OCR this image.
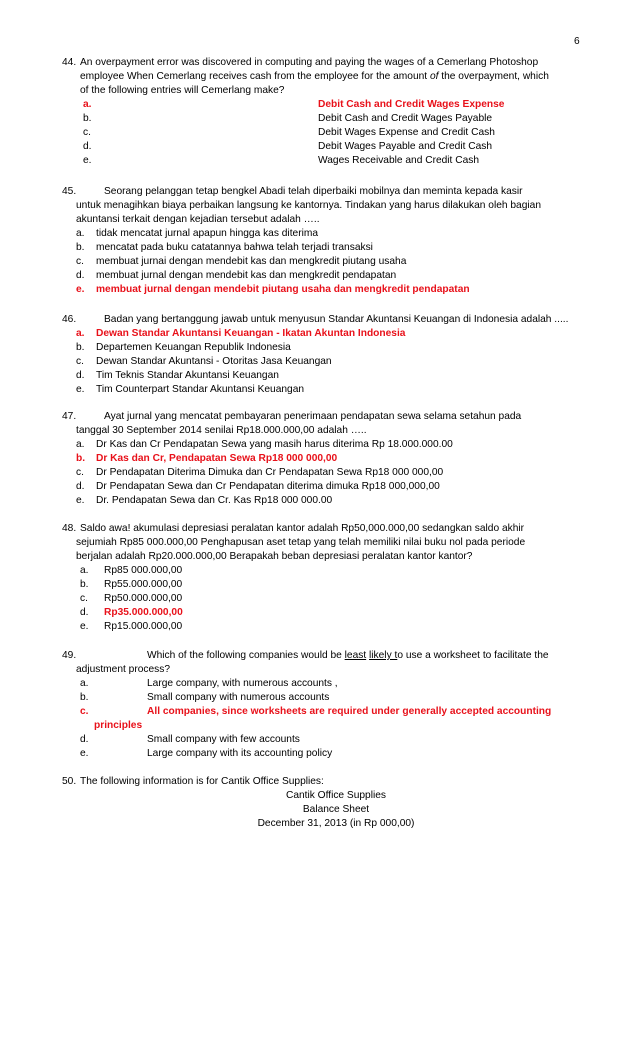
6
44. An overpayment error was discovered in computing and paying the wages of a Cemerlang Photoshop
employee When Cemerlang receives cash from the employee for the amount of the overpayment, which
of the following entries will Cemerlang make?
a.	Debit Cash and Credit Wages Expense
b.	Debit Cash and Credit Wages Payable
c.	Debit Wages Expense and Credit Cash
d.	Debit Wages Payable and Credit Cash
e.	Wages Receivable and Credit Cash
45.	Seorang pelanggan tetap bengkel Abadi telah diperbaiki mobilnya dan meminta kepada kasir
untuk menagihkan biaya perbaikan langsung ke kantornya. Tindakan yang harus dilakukan oleh bagian
akuntansi terkait dengan kejadian tersebut adalah …..
a. tidak mencatat jurnal apapun hingga kas diterima
b. mencatat pada buku catatannya bahwa telah terjadi transaksi
c. membuat jurnai dengan mendebit kas dan mengkredit piutang usaha
d. membuat jurnal dengan mendebit kas dan mengkredit pendapatan
e. membuat jurnal dengan mendebit piutang usaha dan mengkredit pendapatan
46.	Badan yang bertanggung jawab untuk menyusun Standar Akuntansi Keuangan di Indonesia adalah .....
a. Dewan Standar Akuntansi Keuangan - Ikatan Akuntan Indonesia
b. Departemen Keuangan Republik Indonesia
c. Dewan Standar Akuntansi - Otoritas Jasa Keuangan
d. Tim Teknis Standar Akuntansi Keuangan
e. Tim Counterpart Standar Akuntansi Keuangan
47.	Ayat jurnal yang mencatat pembayaran penerimaan pendapatan sewa selama setahun pada
tanggal 30 September 2014 senilai Rp18.000.000,00 adalah …..
a. Dr Kas dan Cr Pendapatan Sewa yang masih harus diterima Rp 18.000.000.00
b. Dr Kas dan Cr, Pendapatan Sewa Rp18 000 000,00
c. Dr Pendapatan Diterima Dimuka dan Cr Pendapatan Sewa Rp18 000 000,00
d. Dr Pendapatan Sewa dan Cr Pendapatan diterima dimuka Rp18 000,000,00
e. Dr. Pendapatan Sewa dan Cr. Kas Rp18 000 000.00
48. Saldo awa! akumulasi depresiasi peralatan kantor adalah Rp50,000.000,00 sedangkan saldo akhir
sejumiah Rp85 000.000,00 Penghapusan aset tetap yang telah memiliki nilai buku nol pada periode
berjalan adalah Rp20.000.000,00 Berapakah beban depresiasi peralatan kantor kantor?
a. Rp85 000.000,00
b. Rp55.000.000,00
c. Rp50.000.000,00
d. Rp35.000.000,00
e. Rp15.000.000,00
49.	Which of the following companies would be least likely to use a worksheet to facilitate the
adjustment process?
a.	Large company, with numerous accounts ,
b.	Small company with numerous accounts
c.	All companies, since worksheets are required under generally accepted accounting
principles
d.	Small company with few accounts
e.	Large company with its accounting policy
50. The following information is for Cantik Office Supplies:
Cantik Office Supplies
Balance Sheet
December 31, 2013 (in Rp 000,00)
